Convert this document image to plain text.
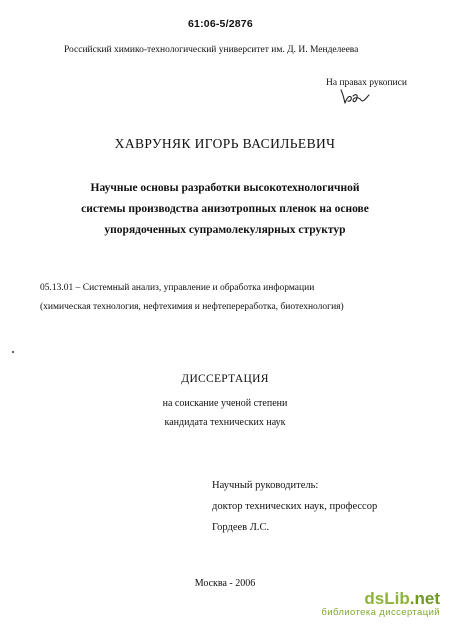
61:06-5/2876
Российский химико-технологический университет им. Д. И. Менделеева
На правах рукописи
ХАВРУНЯК ИГОРЬ ВАСИЛЬЕВИЧ
Научные основы разработки высокотехнологичной
системы производства анизотропных пленок на основе
упорядоченных супрамолекулярных структур
05.13.01 – Системный анализ, управление и обработка информации
(химическая технология, нефтехимия и нефтепереработка, биотехнология)
ДИССЕРТАЦИЯ
на соискание ученой степени
кандидата технических наук
Научный руководитель:
доктор технических наук, профессор
Гордеев Л.С.
Москва - 2006
dsLib.net
библиотека диссертаций
